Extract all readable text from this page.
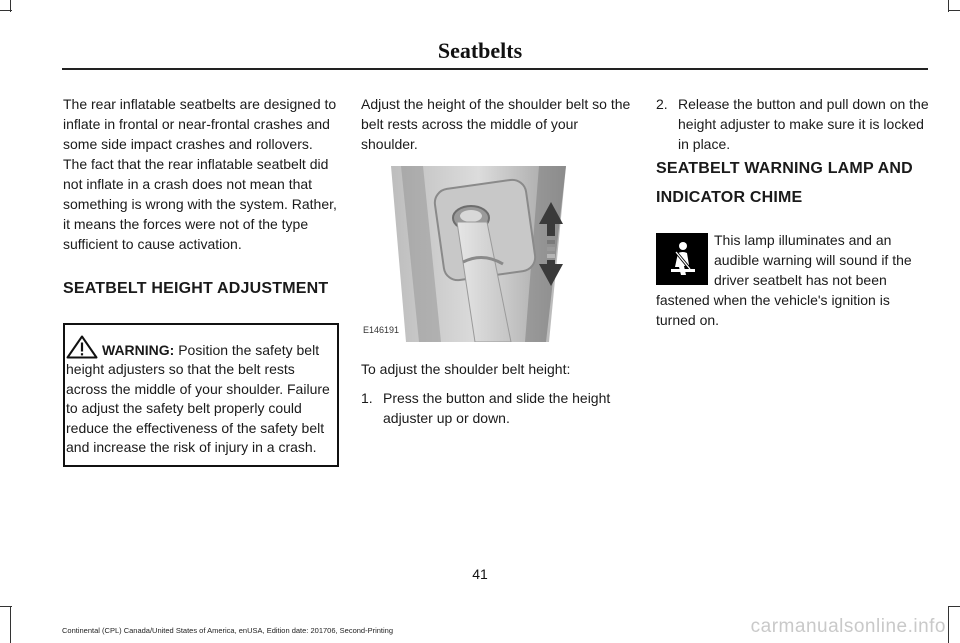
Seatbelts

The rear inflatable seatbelts are designed to inflate in frontal or near-frontal crashes and some side impact crashes and rollovers. The fact that the rear inflatable seatbelt did not inflate in a crash does not mean that something is wrong with the system. Rather, it means the forces were not of the type sufficient to cause activation.

SEATBELT HEIGHT ADJUSTMENT
WARNING: Position the safety belt height adjusters so that the belt rests across the middle of your shoulder. Failure to adjust the safety belt properly could reduce the effectiveness of the safety belt and increase the risk of injury in a crash.

Adjust the height of the shoulder belt so the belt rests across the middle of your shoulder.

E146191

To adjust the shoulder belt height:

1. Press the button and slide the height adjuster up or down.
2. Release the button and pull down on the height adjuster to make sure it is locked in place.
SEATBELT WARNING LAMP AND
INDICATOR CHIME

This lamp illuminates and an audible warning will sound if the driver seatbelt has not been fastened when the vehicle's ignition is turned on.

41
Continental (CPL) Canada/United States of America, enUSA, Edition date: 201706, Second-Printing	carmanualsonline.info
